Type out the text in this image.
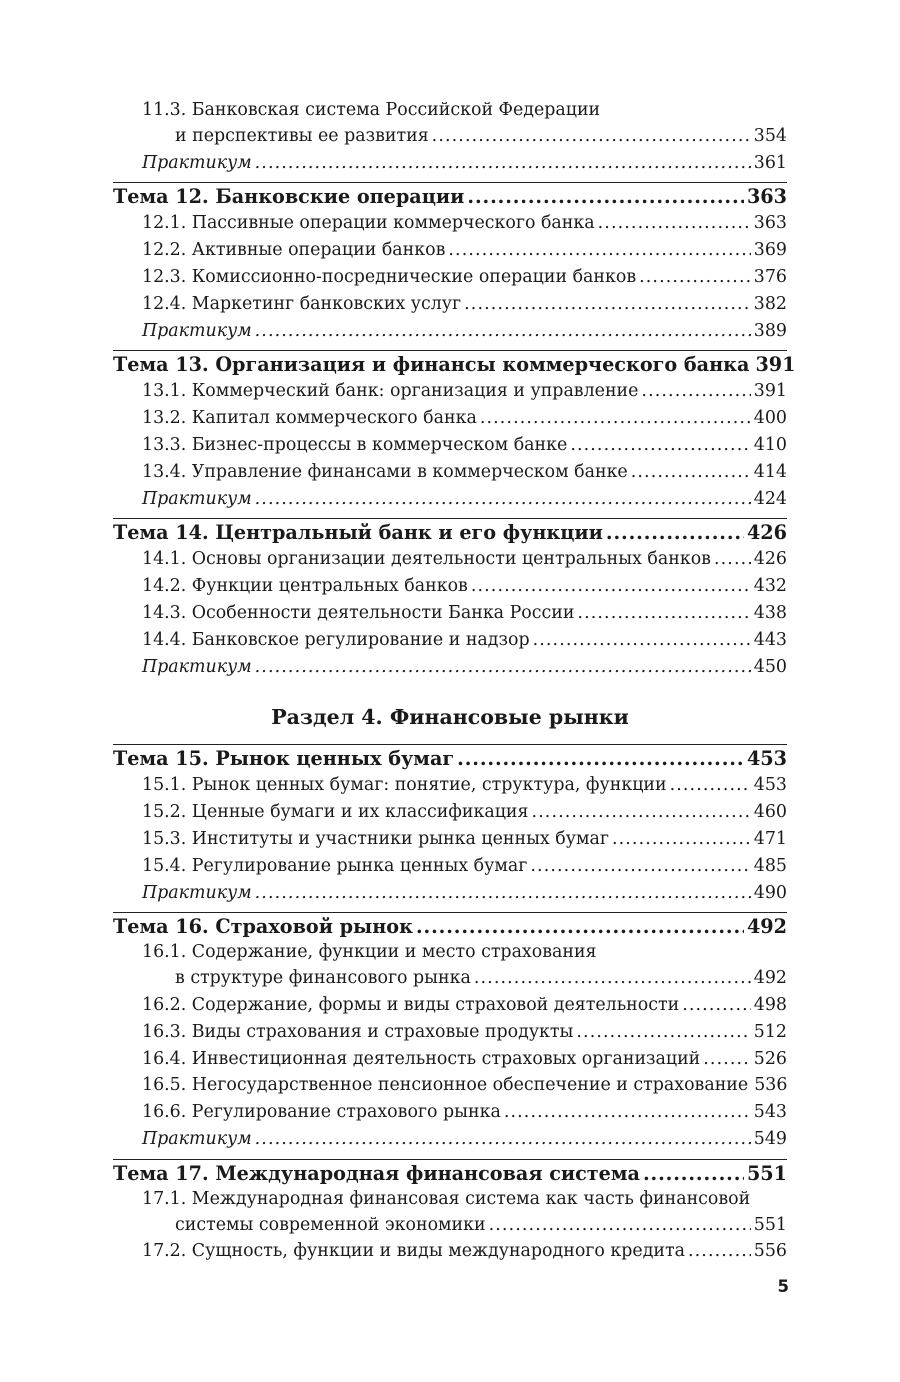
11.3. Банковская система Российской Федерации
и перспективы ее развития . . .	354
Практикум . . .	361
Тема 12. Банковские операции . . .	363
12.1. Пассивные операции коммерческого банка . . .	363
12.2. Активные операции банков . . .	369
12.3. Комиссионно-посреднические операции банков . . .	376
12.4. Маркетинг банковских услуг . . .	382
Практикум . . .	389
Тема 13. Организация и финансы коммерческого банка 391
13.1. Коммерческий банк: организация и управление . . .	391
13.2. Капитал коммерческого банка . . .	400
13.3. Бизнес-процессы в коммерческом банке . . .	410
13.4. Управление финансами в коммерческом банке . . .	414
Практикум . . .	424
Тема 14. Центральный банк и его функции . . .	426
14.1. Основы организации деятельности центральных банков . . . 426
14.2. Функции центральных банков . . .	432
14.3. Особенности деятельности Банка России . . .	438
14.4. Банковское регулирование и надзор . . .	443
Практикум . . .	450
Раздел 4. Финансовые рынки
Тема 15. Рынок ценных бумаг . . .	453
15.1. Рынок ценных бумаг: понятие, структура, функции . . .	453
15.2. Ценные бумаги и их классификация . . .	460
15.3. Институты и участники рынка ценных бумаг . . .	471
15.4. Регулирование рынка ценных бумаг . . .	485
Практикум . . .	490
Тема 16. Страховой рынок . . .	492
16.1. Содержание, функции и место страхования
в структуре финансового рынка . . .	492
16.2. Содержание, формы и виды страховой деятельности . . .	498
16.3. Виды страхования и страховые продукты . . .	512
16.4. Инвестиционная деятельность страховых организаций . . .	526
16.5. Негосударственное пенсионное обеспечение и страхование 536
16.6. Регулирование страхового рынка . . .	543
Практикум . . .	549
Тема 17. Международная финансовая система . . .	551
17.1. Международная финансовая система как часть финансовой
системы современной экономики . . .	551
17.2. Сущность, функции и виды международного кредита . . .	556
5
